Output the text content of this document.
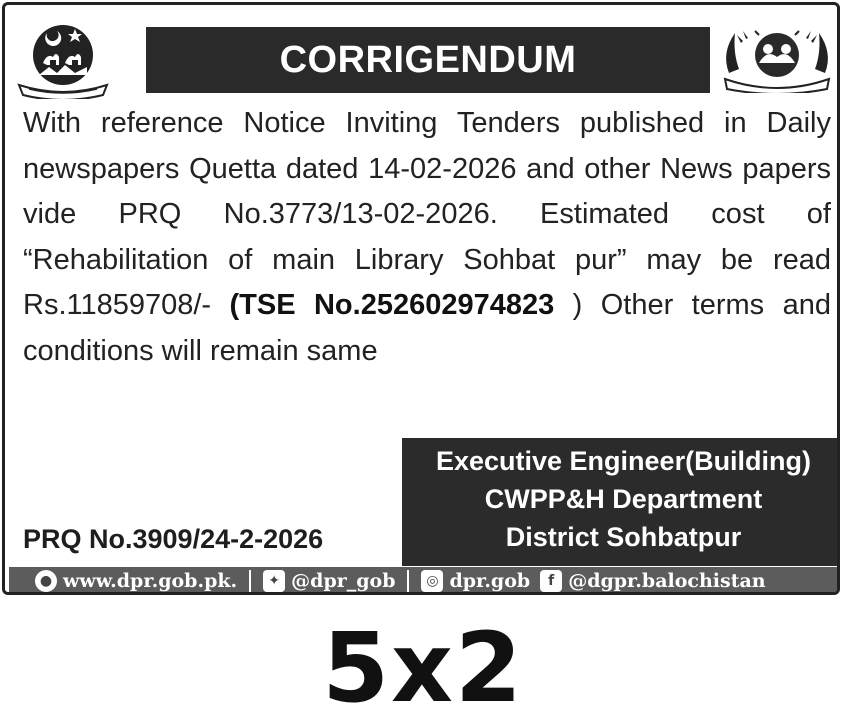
CORRIGENDUM
With reference Notice Inviting Tenders published in Daily newspapers Quetta dated 14-02-2026 and other News papers vide PRQ No.3773/13-02-2026. Estimated cost of “Rehabilitation of main Library Sohbat pur” may be read Rs.11859708/- (TSE No.252602974823 ) Other terms and conditions will remain same
Executive Engineer(Building)
CWPP&H Department
District Sohbatpur
PRQ No.3909/24-2-2026
● www.dpr.gob.pk.	✦ @dpr_gob	◎ dpr.gob	f @dgpr.balochistan
5x2
